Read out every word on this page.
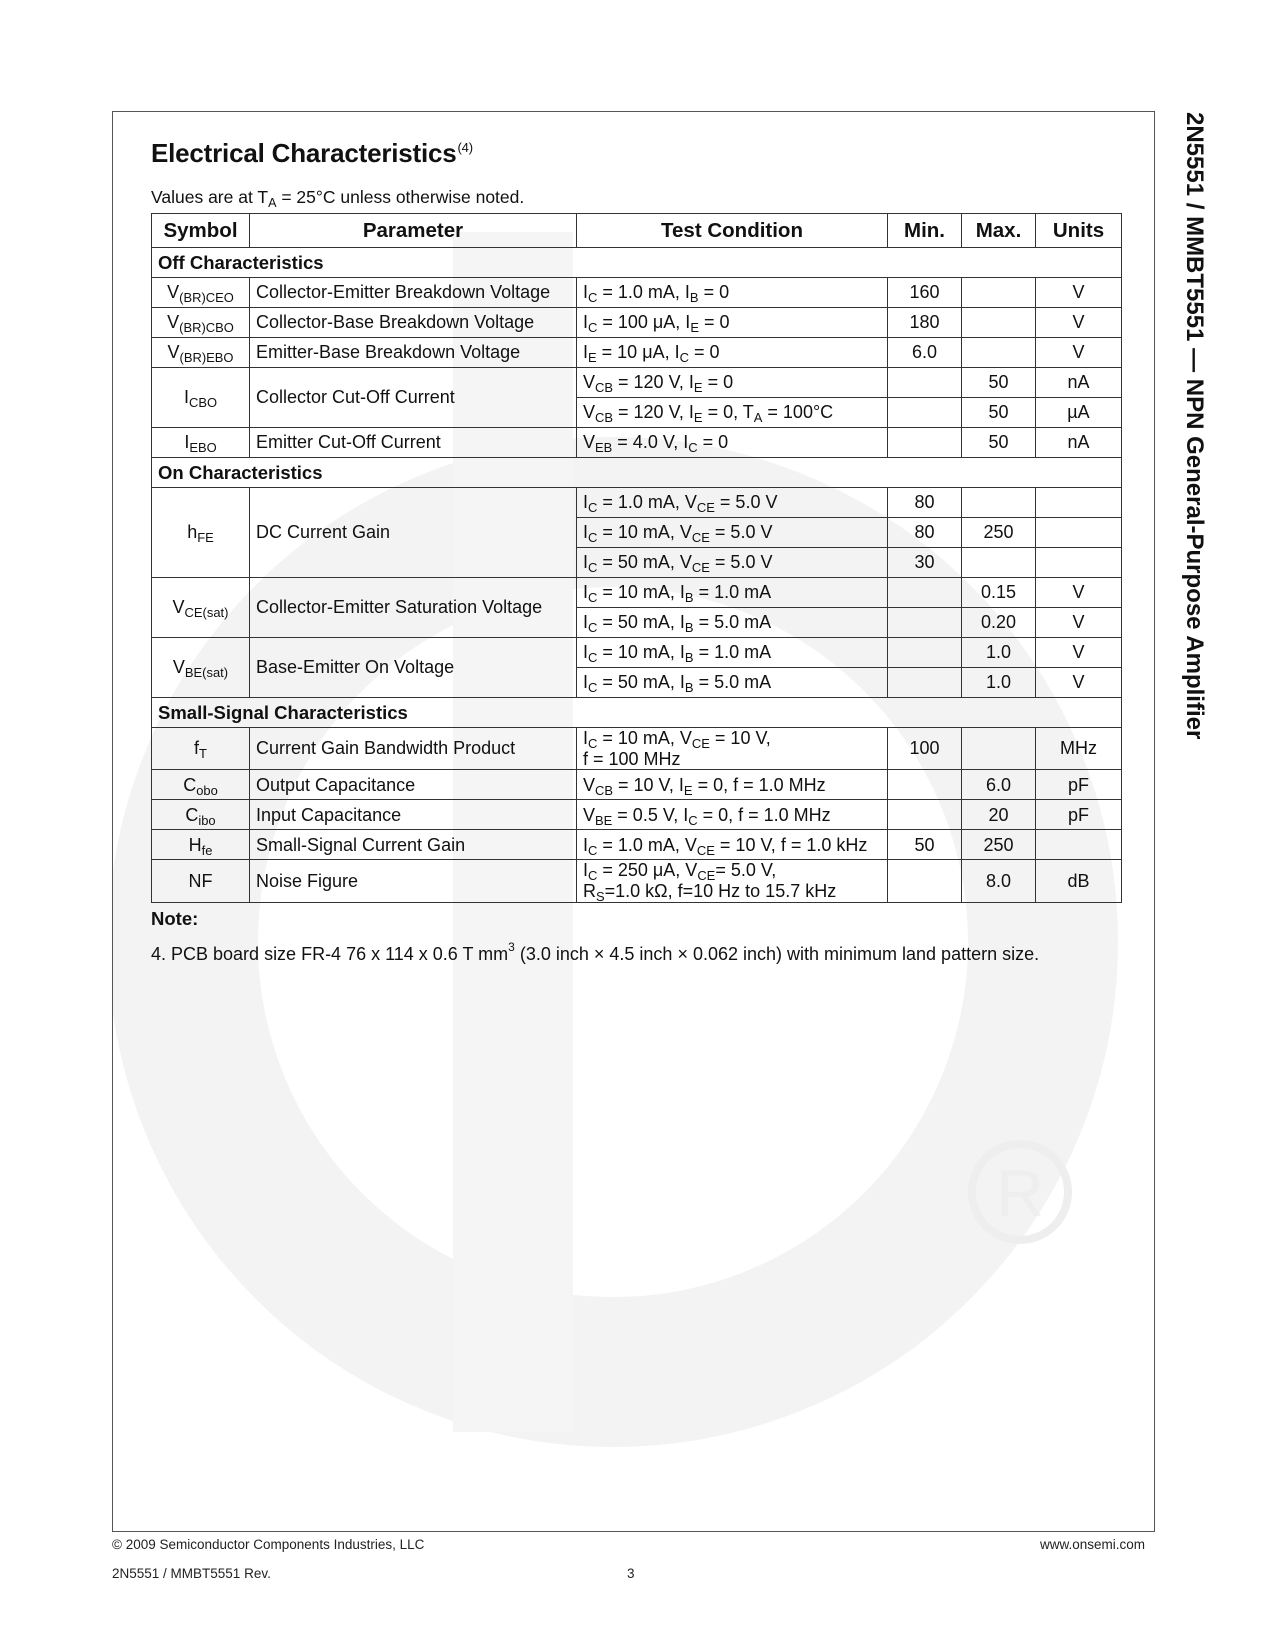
R
Electrical Characteristics$^{(4)}$
Values are at $T_A = 25^\circ C$ unless otherwise noted.
Symbol	Parameter	Test Condition	Min.	Max.	Units
Off Characteristics					
$V_{(BR)CEO}$	Collector-Emitter Breakdown Voltage	$I_C = 1.0$ mA, $I_B = 0$	160		V
$V_{(BR)CBO}$	Collector-Base Breakdown Voltage	$I_C = 100$ μA, $I_E = 0$	180		V
$V_{(BR)EBO}$	Emitter-Base Breakdown Voltage	$I_E = 10$ μA, $I_C = 0$	6.0		V
$I_{CBO}$	Collector Cut-Off Current	$V_{CB} = 120$ V, $I_E = 0$		50	nA
		$V_{CB} = 120$ V, $I_E = 0$, $T_A = 100^\circ C$		50	µA
$I_{EBO}$	Emitter Cut-Off Current	$V_{EB} = 4.0$ V, $I_C = 0$		50	nA
On Characteristics					
$h_{FE}$	DC Current Gain	$I_C = 1.0$ mA, $V_{CE} = 5.0$ V	80		
		$I_C = 10$ mA, $V_{CE} = 5.0$ V	80	250	
		$I_C = 50$ mA, $V_{CE} = 5.0$ V	30		
$V_{CE(sat)}$	Collector-Emitter Saturation Voltage	$I_C = 10$ mA, $I_B = 1.0$ mA		0.15	V
		$I_C = 50$ mA, $I_B = 5.0$ mA		0.20	V
$V_{BE(sat)}$	Base-Emitter On Voltage	$I_C = 10$ mA, $I_B = 1.0$ mA		1.0	V
		$I_C = 50$ mA, $I_B = 5.0$ mA		1.0	V
Small-Signal Characteristics					
$f_T$	Current Gain Bandwidth Product	$I_C = 10$ mA, $V_{CE} = 10$ V,
f = 100 MHz	100		MHz
$C_{obo}$	Output Capacitance	$V_{CB} = 10$ V, $I_E = 0$, f = 1.0 MHz		6.0	pF
$C_{ibo}$	Input Capacitance	$V_{BE} = 0.5$ V, $I_C = 0$, f = 1.0 MHz		20	pF
$H_{fe}$	Small-Signal Current Gain	$I_C = 1.0$ mA, $V_{CE} = 10$ V, f = 1.0 kHz	50	250	
NF	Noise Figure	$I_C = 250$ μA, $V_{CE}= 5.0$ V,
$R_S=1.0$ kΩ, f=10 Hz to 15.7 kHz		8.0	dB
Note:
4. PCB board size FR-4 76 x 114 x 0.6 T $mm^3$ (3.0 inch × 4.5 inch × 0.062 inch) with minimum land pattern size.
2N5551 / MMBT5551 — NPN General-Purpose Amplifier
© 2009 Semiconductor Components Industries, LLC
2N5551 / MMBT5551 Rev.	3
www.onsemi.com
